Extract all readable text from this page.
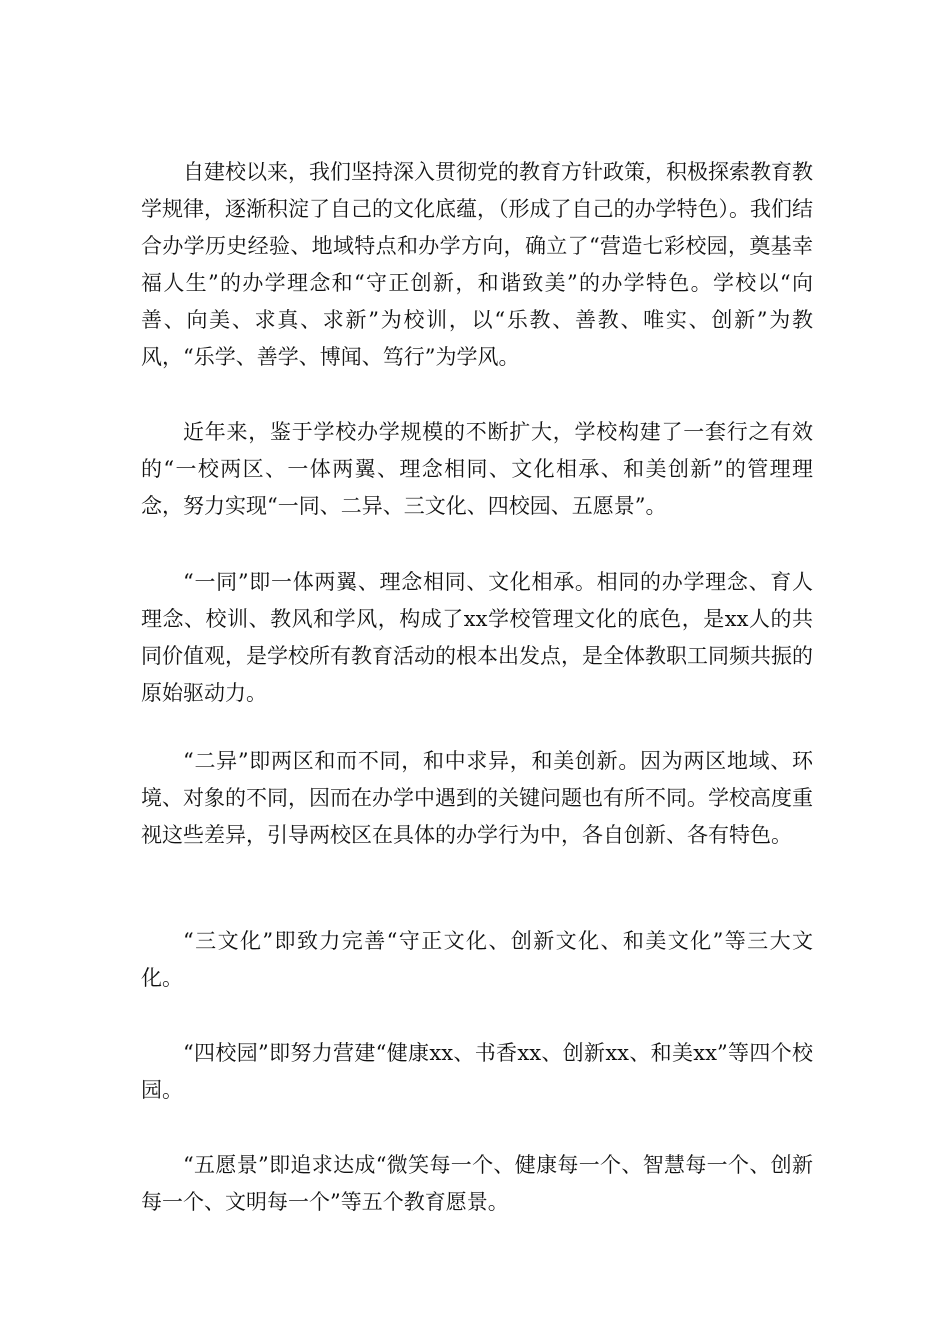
自建校以来，我们坚持深入贯彻党的教育方针政策，积极探索教育教学规律，逐渐积淀了自己的文化底蕴，（形成了自己的办学特色）。我们结合办学历史经验、地域特点和办学方向，确立了“营造七彩校园，奠基幸福人生”的办学理念和“守正创新，和谐致美”的办学特色。学校以“向善、向美、求真、求新”为校训，以“乐教、善教、唯实、创新”为教风，“乐学、善学、博闻、笃行”为学风。

近年来，鉴于学校办学规模的不断扩大，学校构建了一套行之有效的“一校两区、一体两翼、理念相同、文化相承、和美创新”的管理理念，努力实现“一同、二异、三文化、四校园、五愿景”。

“一同”即一体两翼、理念相同、文化相承。相同的办学理念、育人理念、校训、教风和学风，构成了xx学校管理文化的底色，是xx人的共同价值观，是学校所有教育活动的根本出发点，是全体教职工同频共振的原始驱动力。

“二异”即两区和而不同，和中求异，和美创新。因为两区地域、环境、对象的不同，因而在办学中遇到的关键问题也有所不同。学校高度重视这些差异，引导两校区在具体的办学行为中，各自创新、各有特色。

“三文化”即致力完善“守正文化、创新文化、和美文化”等三大文化。

“四校园”即努力营建“健康xx、书香xx、创新xx、和美xx”等四个校园。

“五愿景”即追求达成“微笑每一个、健康每一个、智慧每一个、创新每一个、文明每一个”等五个教育愿景。
